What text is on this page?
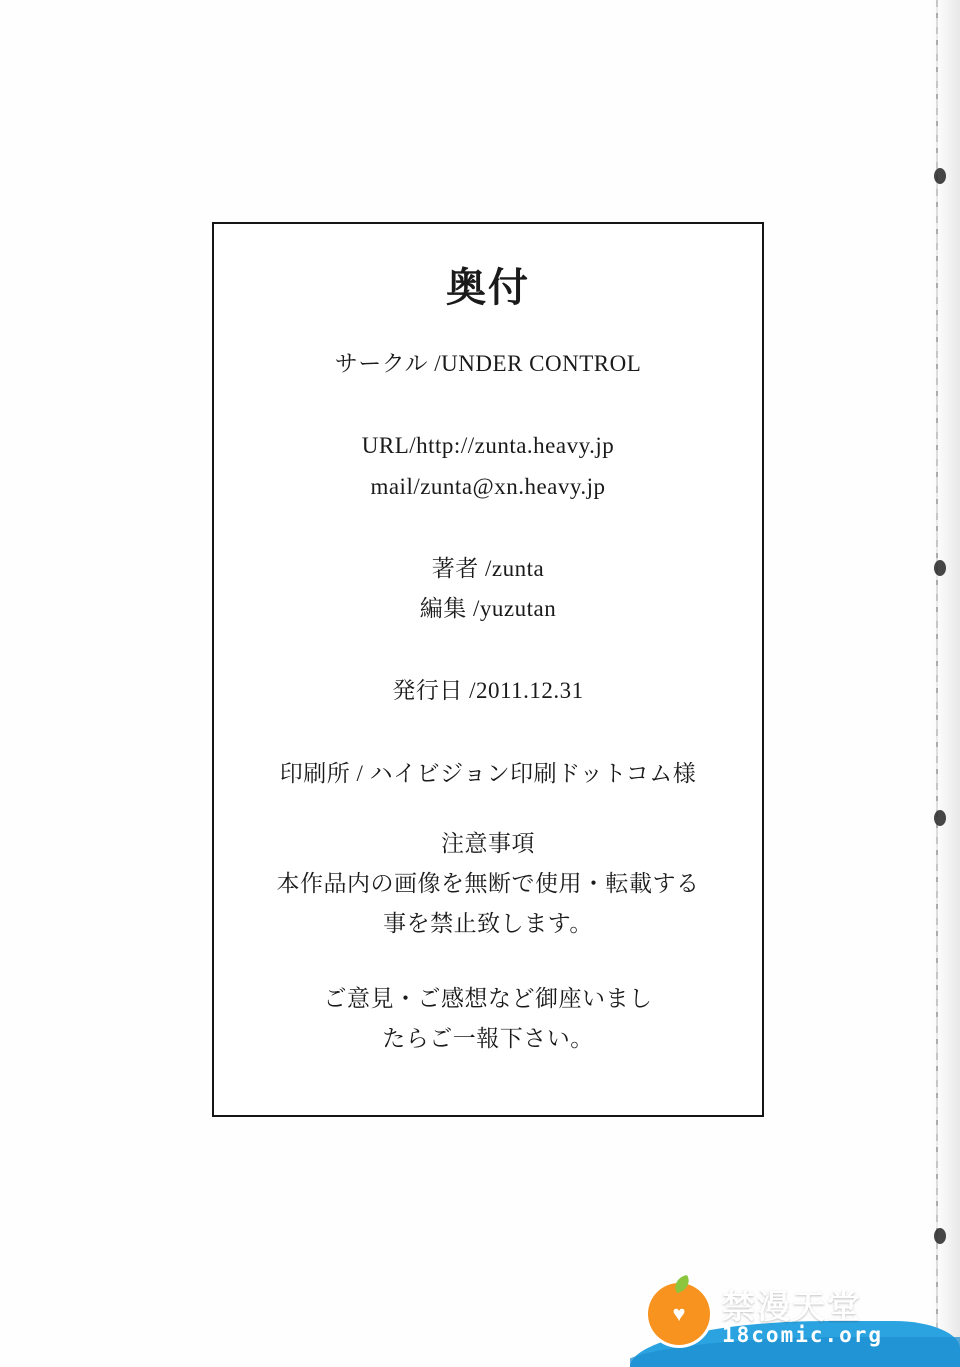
奥付
サークル /UNDER CONTROL
URL/http://zunta.heavy.jp
mail/zunta@xn.heavy.jp
著者 /zunta
編集 /yuzutan
発行日 /2011.12.31
印刷所 / ハイビジョン印刷ドットコム様
注意事項
本作品内の画像を無断で使用・転載する
事を禁止致します。
ご意見・ご感想など御座いまし
たらご一報下さい。
♥ 禁漫天堂
18comic.org
